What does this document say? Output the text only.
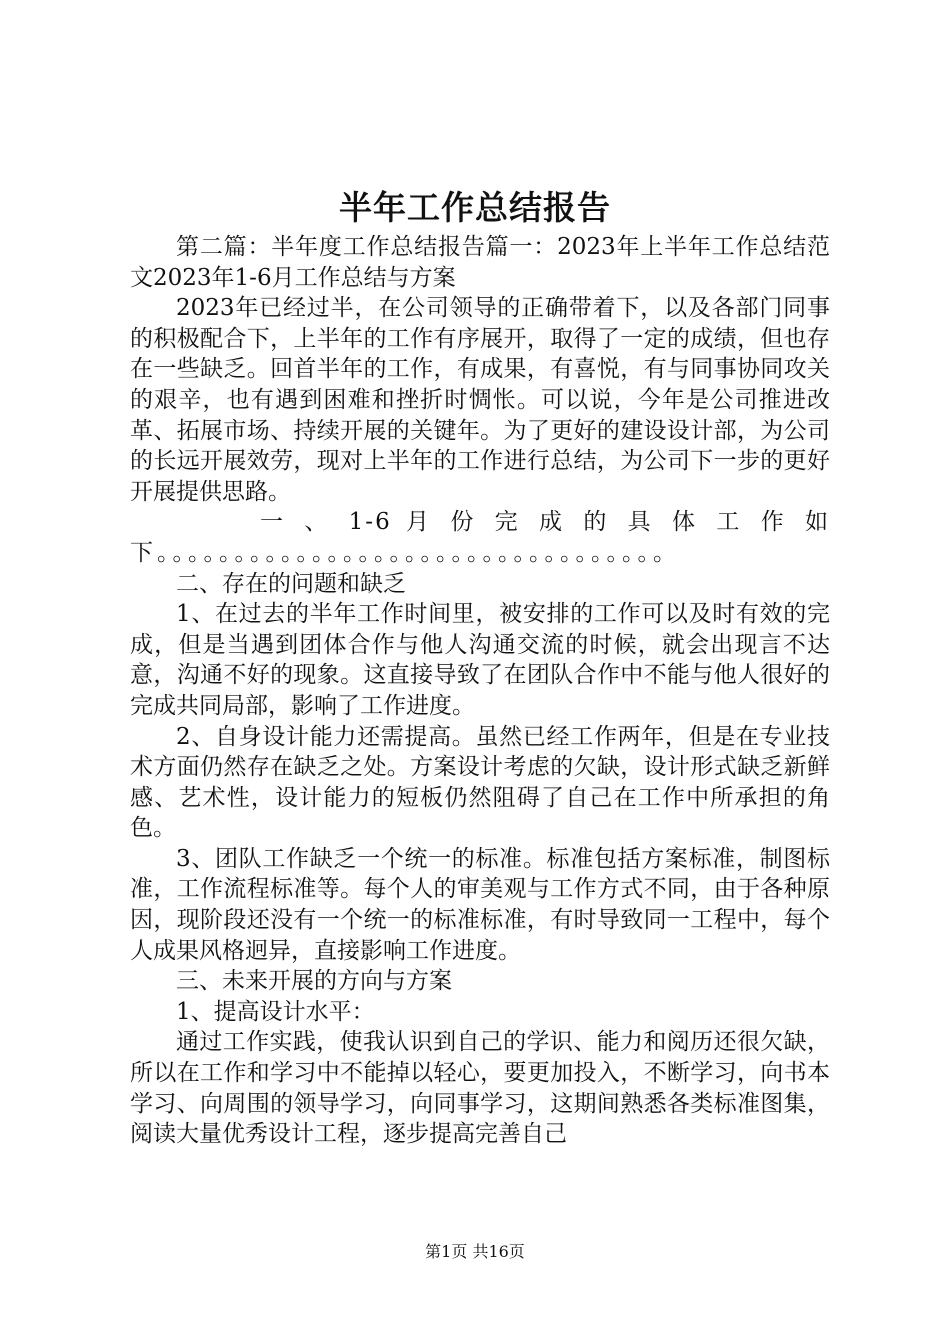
半年工作总结报告

第二篇：半年度工作总结报告篇一：2023年上半年工作总结范文2023年1-6月工作总结与方案

2023年已经过半，在公司领导的正确带着下，以及各部门同事的积极配合下，上半年的工作有序展开，取得了一定的成绩，但也存在一些缺乏。回首半年的工作，有成果，有喜悦，有与同事协同攻关的艰辛，也有遇到困难和挫折时惆怅。可以说，今年是公司推进改革、拓展市场、持续开展的关键年。为了更好的建设设计部，为公司的长远开展效劳，现对上半年的工作进行总结，为公司下一步的更好开展提供思路。

一 、 1-6 月 份 完 成 的 具 体 工 作 如

下。。。。。。。。。。。。。。。。。。。。。。。。。。。。。。。。。

二、存在的问题和缺乏

1、在过去的半年工作时间里，被安排的工作可以及时有效的完成，但是当遇到团体合作与他人沟通交流的时候，就会出现言不达意，沟通不好的现象。这直接导致了在团队合作中不能与他人很好的完成共同局部，影响了工作进度。

2、自身设计能力还需提高。虽然已经工作两年，但是在专业技术方面仍然存在缺乏之处。方案设计考虑的欠缺，设计形式缺乏新鲜感、艺术性，设计能力的短板仍然阻碍了自己在工作中所承担的角色。

3、团队工作缺乏一个统一的标准。标准包括方案标准，制图标准，工作流程标准等。每个人的审美观与工作方式不同，由于各种原因，现阶段还没有一个统一的标准标准，有时导致同一工程中，每个人成果风格迥异，直接影响工作进度。

三、未来开展的方向与方案

1、提高设计水平：

通过工作实践，使我认识到自己的学识、能力和阅历还很欠缺，所以在工作和学习中不能掉以轻心，要更加投入，不断学习，向书本学习、向周围的领导学习，向同事学习，这期间熟悉各类标准图集，阅读大量优秀设计工程，逐步提高完善自己

第1页 共16页
